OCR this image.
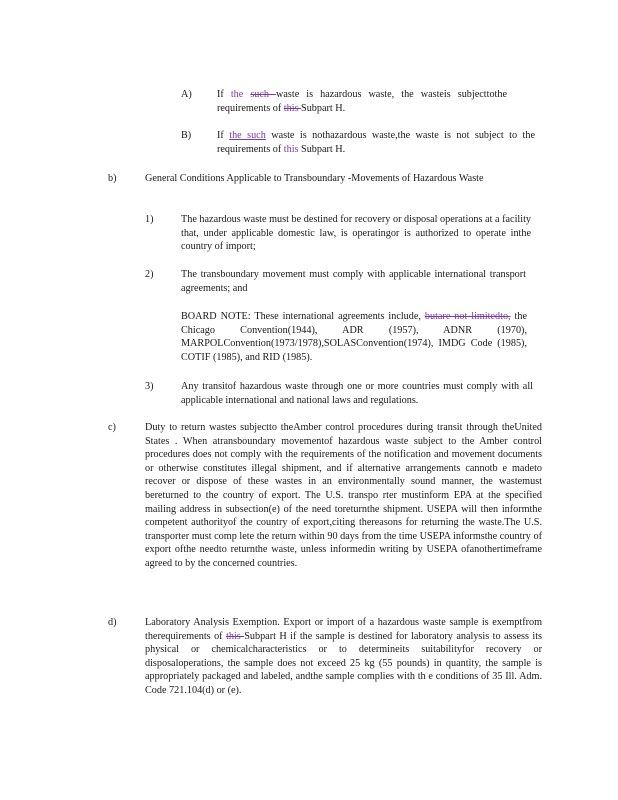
A) If the such waste is hazardous waste, the wasteis subjecttothe requirements of this Subpart H.
B)	If the such waste is nothazardous waste,the waste is not subject to the requirements of this Subpart H.
b)	General Conditions Applicable to Transboundary -Movements of Hazardous Waste
1)	The hazardous waste must be destined for recovery or disposal operations at a facility that, under applicable domestic law, is operatingor is authorized to operate inthe country of import;
2)	The transboundary movement must comply with applicable international transport agreements; and
BOARD NOTE: These international agreements include, butare not limitedto, the Chicago Convention(1944), ADR (1957), ADNR (1970), MARPOLConvention(1973/1978),SOLASConvention(1974), IMDG Code (1985), COTIF (1985), and RID (1985).
3)	Any transitof hazardous waste through one or more countries must comply with all applicable international and national laws and regulations.
c)	Duty to return wastes subjectto theAmber control procedures during transit through theUnited States . When atransboundary movementof hazardous waste subject to the Amber control procedures does not comply with the requirements of the notification and movement documents or otherwise constitutes illegal shipment, and if alternative arrangements cannotb e madeto recover or dispose of these wastes in an environmentally sound manner, the wastemust bereturned to the country of export. The U.S. transpo rter mustinform EPA at the specified mailing address in subsection(e) of the need toreturnthe shipment. USEPA will then informthe competent authorityof the country of export,citing thereasons for returning the waste.The U.S. transporter must comp lete the return within 90 days from the time USEPA informsthe country of export ofthe needto returnthe waste, unless informedin writing by USEPA ofanothertimeframe agreed to by the concerned countries.
d)	Laboratory Analysis Exemption. Export or import of a hazardous waste sample is exemptfrom therequirements of this Subpart H if the sample is destined for laboratory analysis to assess its physical or chemicalcharacteristics or to determineits suitabilityfor recovery or disposaloperations, the sample does not exceed 25 kg (55 pounds) in quantity, the sample is appropriately packaged and labeled, andthe sample complies with th e conditions of 35 Ill. Adm. Code 721.104(d) or (e).
